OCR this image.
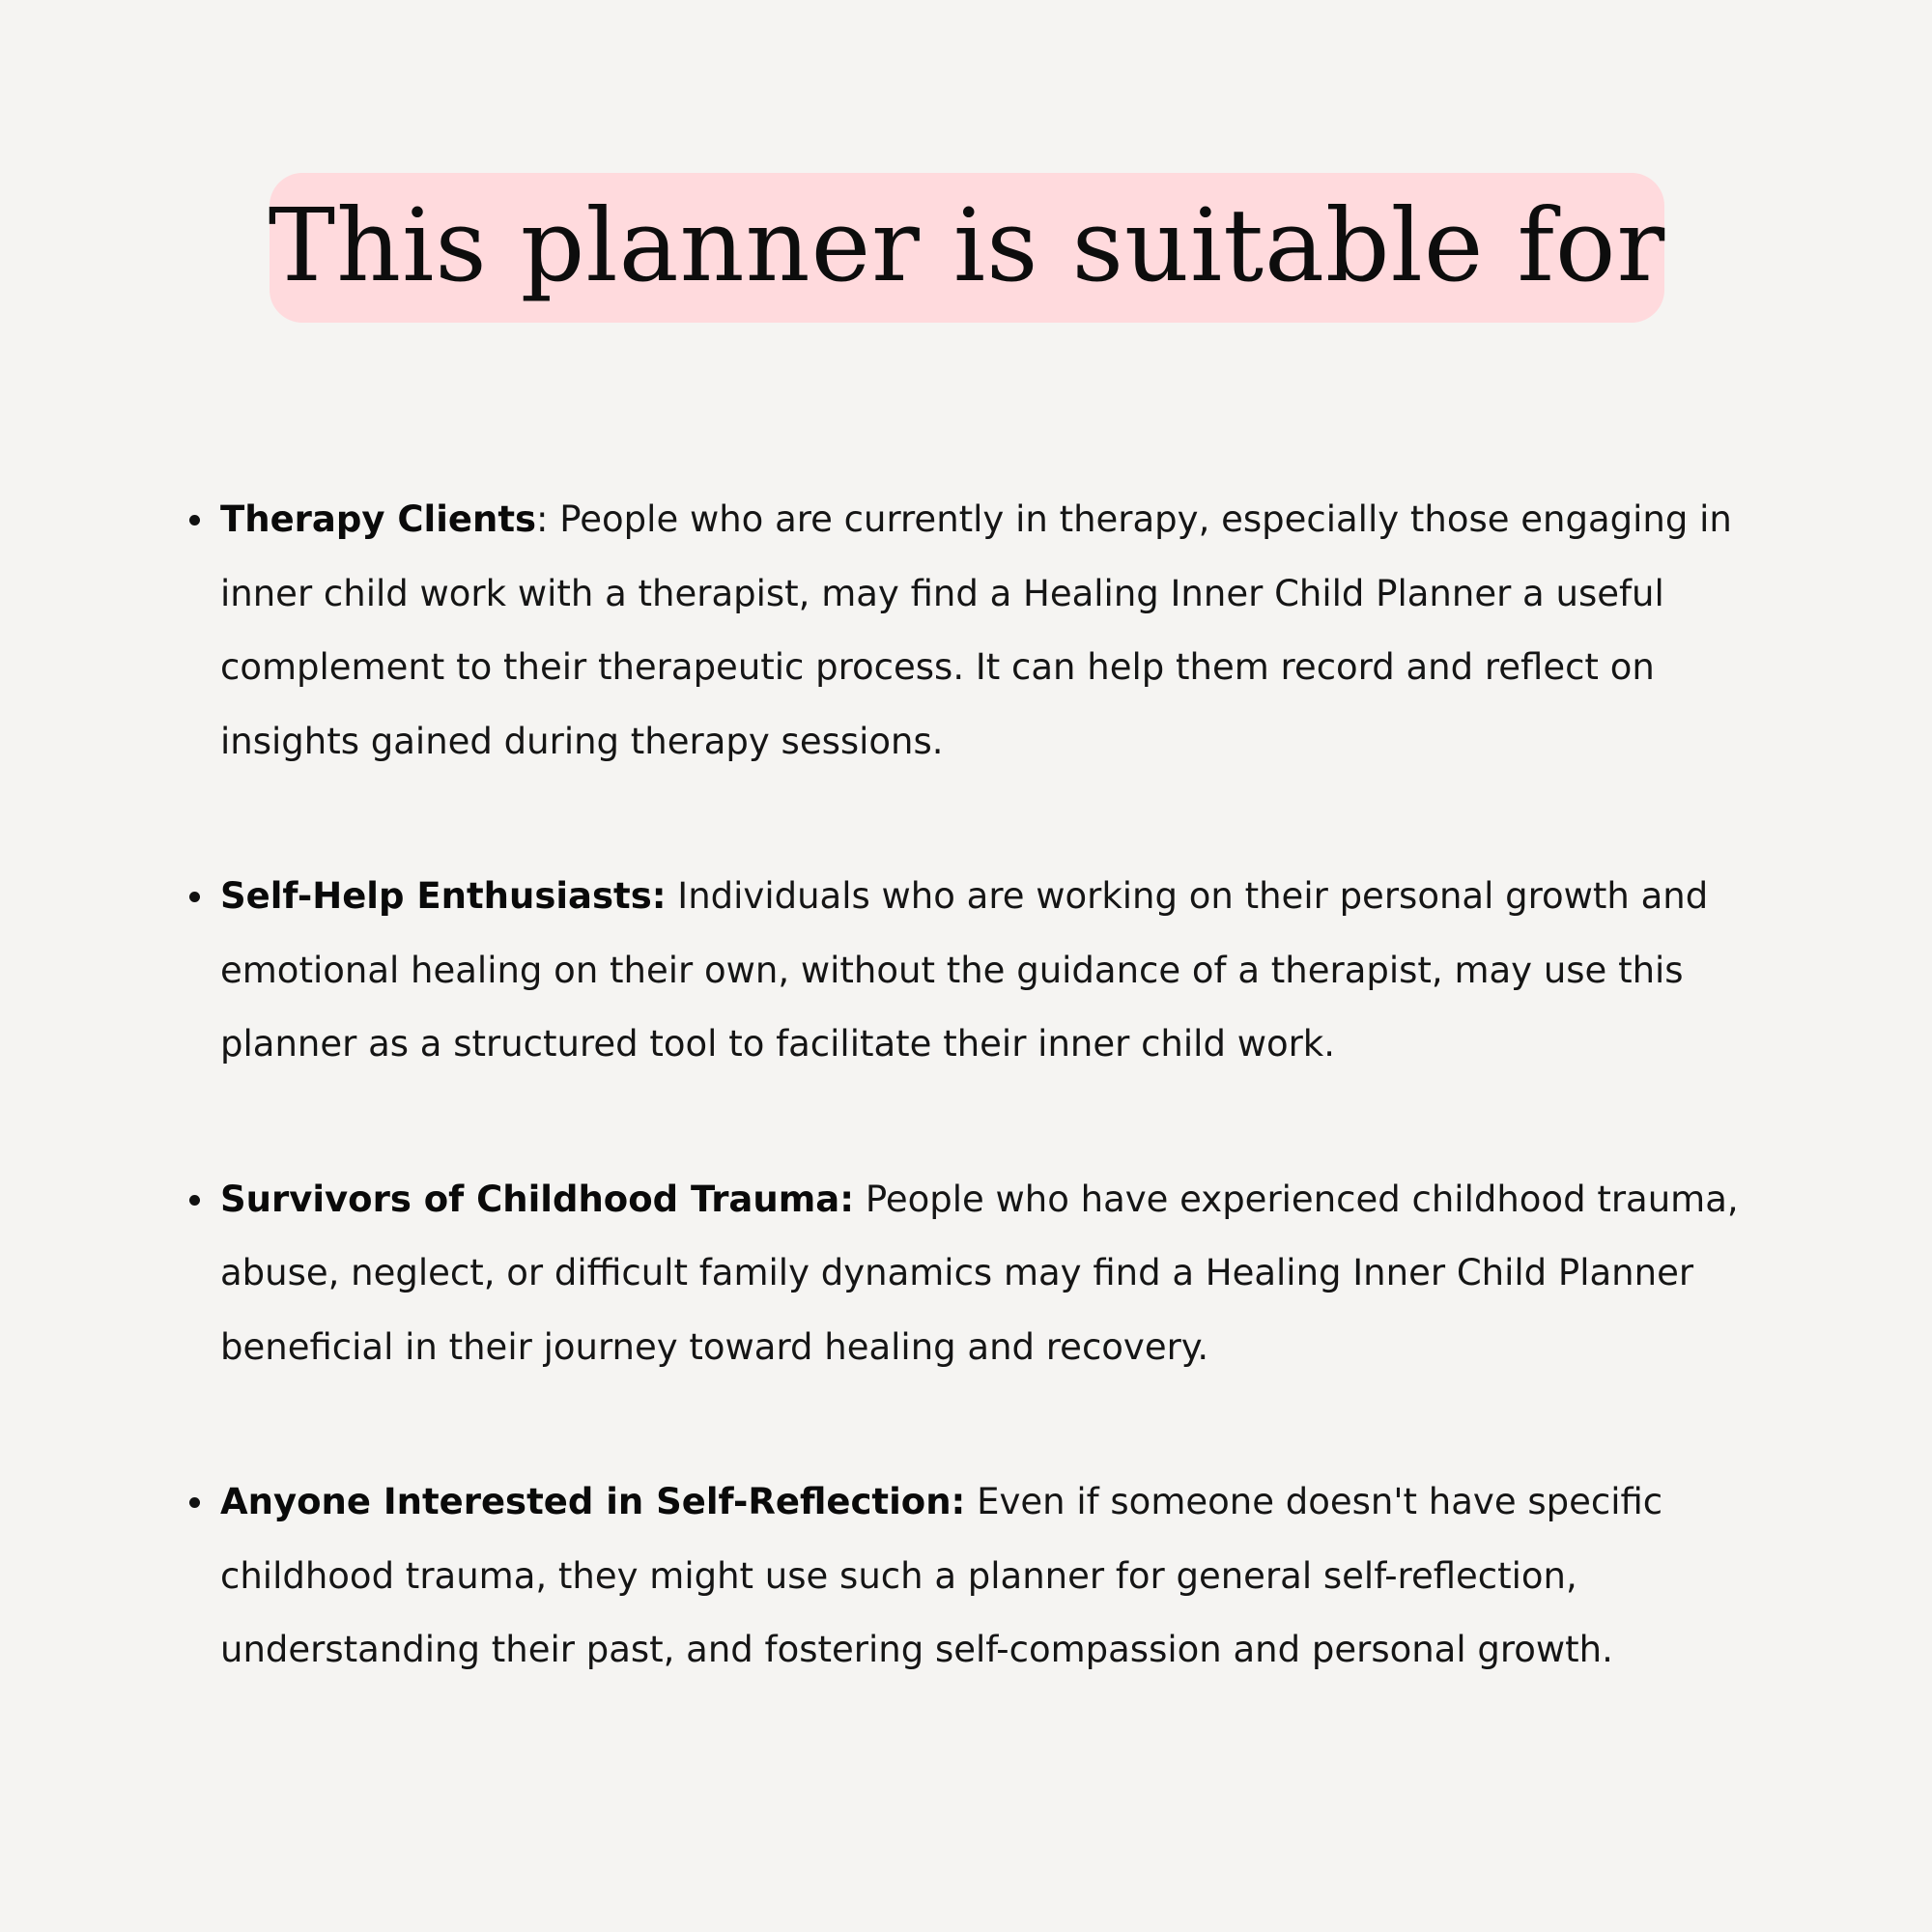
This planner is suitable for
Therapy Clients: People who are currently in therapy, especially those engaging in inner child work with a therapist, may find a Healing Inner Child Planner a useful complement to their therapeutic process. It can help them record and reflect on insights gained during therapy sessions.
Self-Help Enthusiasts: Individuals who are working on their personal growth and emotional healing on their own, without the guidance of a therapist, may use this planner as a structured tool to facilitate their inner child work.
Survivors of Childhood Trauma: People who have experienced childhood trauma, abuse, neglect, or difficult family dynamics may find a Healing Inner Child Planner beneficial in their journey toward healing and recovery.
Anyone Interested in Self-Reflection: Even if someone doesn't have specific childhood trauma, they might use such a planner for general self-reflection, understanding their past, and fostering self-compassion and personal growth.
